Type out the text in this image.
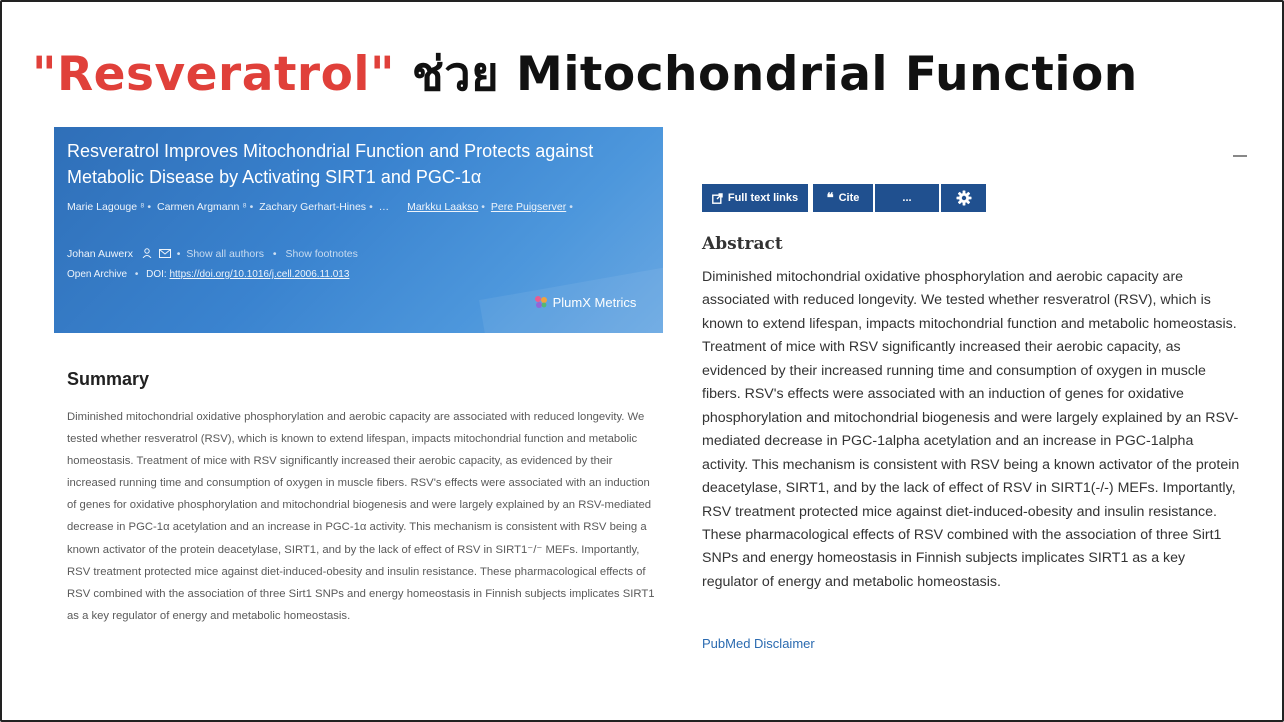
"Resveratrol" ช่วย Mitochondrial Function
Resveratrol Improves Mitochondrial Function and Protects against Metabolic Disease by Activating SIRT1 and PGC-1α
Marie Lagouge ⁸ • Carmen Argmann ⁸ • Zachary Gerhart-Hines • … Markku Laakso • Pere Puigserver •
Johan Auwerx	• Show all authors • Show footnotes
Open Archive • DOI: https://doi.org/10.1016/j.cell.2006.11.013
PlumX Metrics
Summary
Diminished mitochondrial oxidative phosphorylation and aerobic capacity are associated with reduced longevity. We tested whether resveratrol (RSV), which is known to extend lifespan, impacts mitochondrial function and metabolic homeostasis. Treatment of mice with RSV significantly increased their aerobic capacity, as evidenced by their increased running time and consumption of oxygen in muscle fibers. RSV's effects were associated with an induction of genes for oxidative phosphorylation and mitochondrial biogenesis and were largely explained by an RSV-mediated decrease in PGC-1α acetylation and an increase in PGC-1α activity. This mechanism is consistent with RSV being a known activator of the protein deacetylase, SIRT1, and by the lack of effect of RSV in SIRT1⁻/⁻ MEFs. Importantly, RSV treatment protected mice against diet-induced-obesity and insulin resistance. These pharmacological effects of RSV combined with the association of three Sirt1 SNPs and energy homeostasis in Finnish subjects implicates SIRT1 as a key regulator of energy and metabolic homeostasis.
Full text links ❝ Cite	...
Abstract
Diminished mitochondrial oxidative phosphorylation and aerobic capacity are associated with reduced longevity. We tested whether resveratrol (RSV), which is known to extend lifespan, impacts mitochondrial function and metabolic homeostasis. Treatment of mice with RSV significantly increased their aerobic capacity, as evidenced by their increased running time and consumption of oxygen in muscle fibers. RSV's effects were associated with an induction of genes for oxidative phosphorylation and mitochondrial biogenesis and were largely explained by an RSV-mediated decrease in PGC-1alpha acetylation and an increase in PGC-1alpha activity. This mechanism is consistent with RSV being a known activator of the protein deacetylase, SIRT1, and by the lack of effect of RSV in SIRT1(-/-) MEFs. Importantly, RSV treatment protected mice against diet-induced-obesity and insulin resistance. These pharmacological effects of RSV combined with the association of three Sirt1 SNPs and energy homeostasis in Finnish subjects implicates SIRT1 as a key regulator of energy and metabolic homeostasis.
PubMed Disclaimer
